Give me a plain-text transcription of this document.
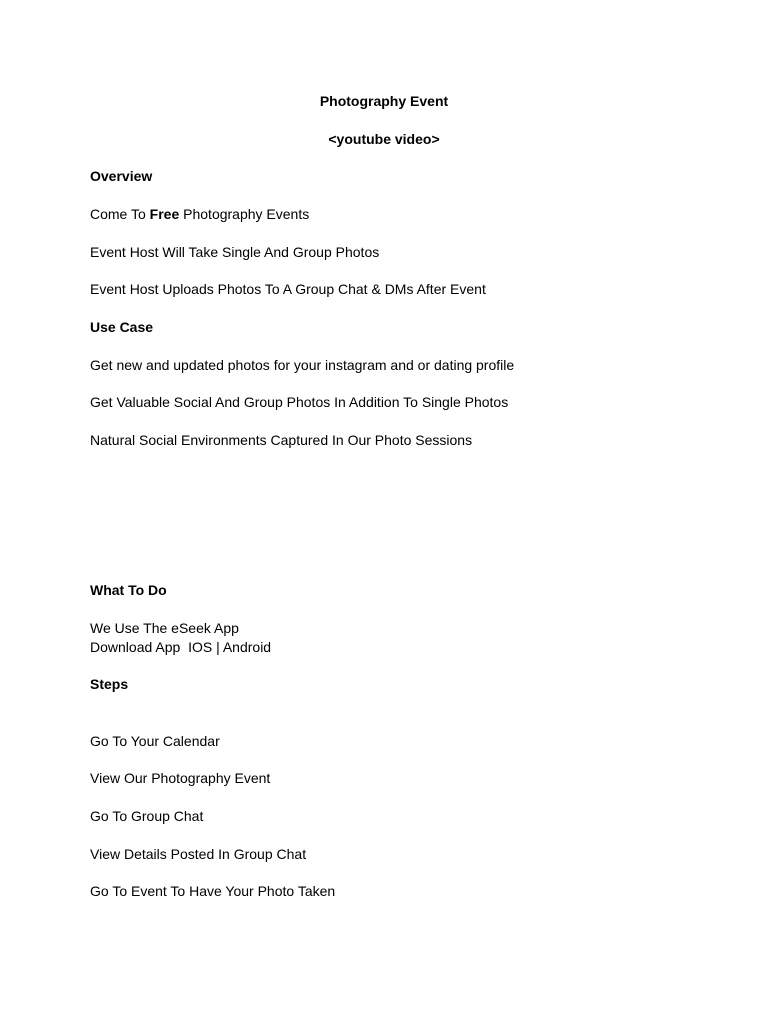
Photography Event
<youtube video>
Overview
Come To Free Photography Events
Event Host Will Take Single And Group Photos
Event Host Uploads Photos To A Group Chat & DMs After Event
Use Case
Get new and updated photos for your instagram and or dating profile
Get Valuable Social And Group Photos In Addition To Single Photos
Natural Social Environments Captured In Our Photo Sessions
What To Do
We Use The eSeek App
Download App  IOS | Android
Steps
Go To Your Calendar
View Our Photography Event
Go To Group Chat
View Details Posted In Group Chat
Go To Event To Have Your Photo Taken
